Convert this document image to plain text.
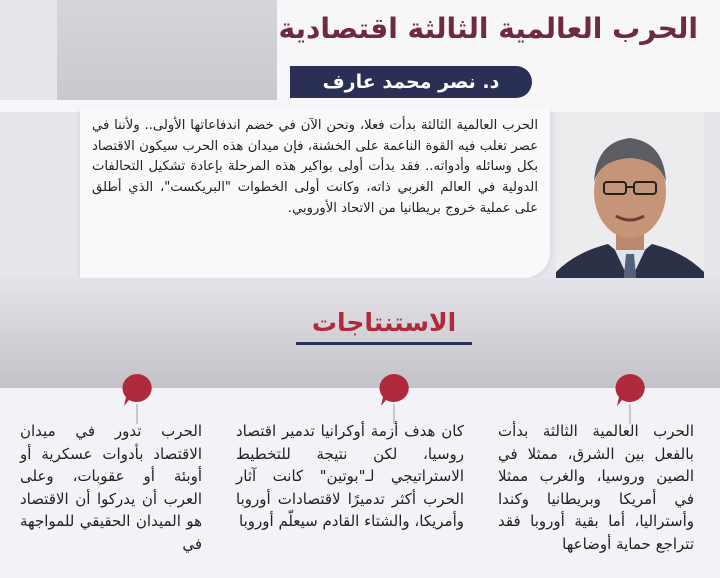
الحرب العالمية الثالثة اقتصادية
د. نصر محمد عارف

الحرب العالمية الثالثة بدأت فعلا، ونحن الآن في خضم اندفاعاتها الأولى.. ولأننا في عصر تغلب فيه القوة الناعمة على الخشنة، فإن ميدان هذه الحرب سيكون الاقتصاد بكل وسائله وأدواته.. فقد بدأت أولى بواكير هذه المرحلة بإعادة تشكيل التحالفات الدولية في العالم الغربي ذاته، وكانت أولى الخطوات "البريكست"، الذي أطلق على عملية خروج بريطانيا من الاتحاد الأوروبي.

الاستنتاجات

الحرب العالمية الثالثة بدأت بالفعل بين الشرق، ممثلا في الصين وروسيا، والغرب ممثلا في أمريكا وبريطانيا وكندا وأستراليا، أما بقية أوروبا فقد تتراجع حماية أوضاعها

كان هدف أزمة أوكرانيا تدمير اقتصاد روسيا، لكن نتيجة للتخطيط الاستراتيجي لـ"بوتين" كانت آثار الحرب أكثر تدميرًا لاقتصادات أوروبا وأمريكا، والشتاء القادم سيعلّم أوروبا

الحرب تدور في ميدان الاقتصاد بأدوات عسكرية أو أوبئة أو عقوبات، وعلى العرب أن يدركوا أن الاقتصاد هو الميدان الحقيقي للمواجهة في
